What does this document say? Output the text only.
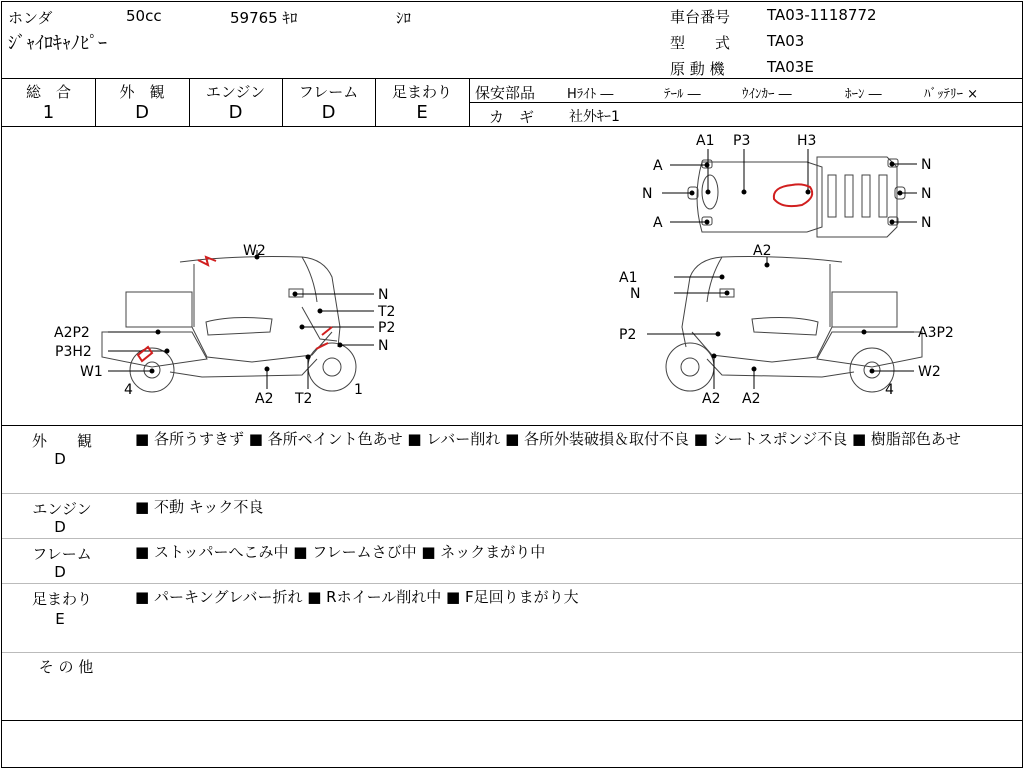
ホンダ	50cc	59765 ｷﾛ	ｼﾛ
ｼﾞｬｲﾛｷｬﾉﾋﾟｰ
車台番号 TA03-1118772
型　　式 TA03
原 動 機	TA03E
総　合
1
外　観
D
エンジン
D
フレーム
D
足まわり
E
保安部品 Hﾗｲﾄ ―	ﾃｰﾙ ―	ｳｲﾝｶｰ ―	ﾎｰﾝ ―	ﾊﾞｯﾃﾘｰ ×
カ　ギ 社外ｷｰ1
W2
N
T2
A2P2	P2
P3H2	N
W1
4
A2 T2
1
A2
A1
N
P2	A3P2
W2
A2 A2
4
A1 P3	H3
A
N
A
N
N
N
外　　観
D
■ 各所うすきず ■ 各所ペイント色あせ ■ レバー削れ ■ 各所外装破損＆取付不良 ■ シートスポンジ不良 ■ 樹脂部色あせ
エンジン
D
■ 不動 キック不良
フレーム
D
■ ストッパーへこみ中 ■ フレームさび中 ■ ネックまがり中
足まわり
E
■ パーキングレバー折れ ■ Rホイール削れ中 ■ F足回りまがり大
そ の 他
